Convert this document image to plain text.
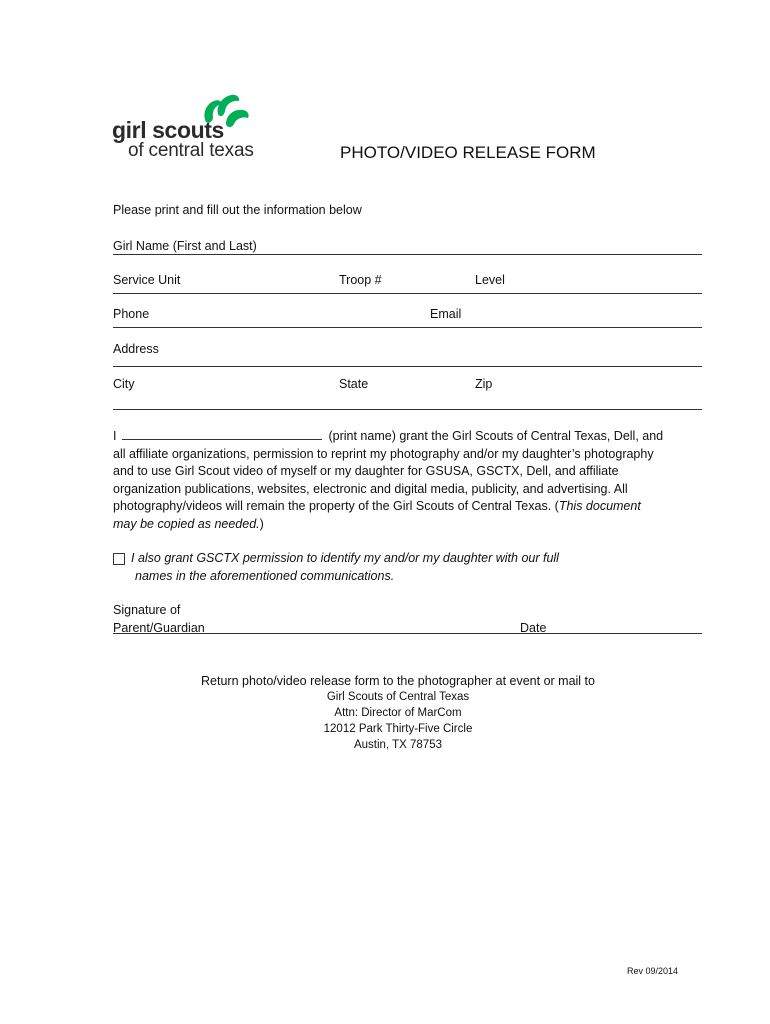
girl scouts
of central texas	PHOTO/VIDEO RELEASE FORM
Please print and fill out the information below
Girl Name (First and Last)
Service Unit	Troop #	Level
Phone	Email
Address
City	State	Zip
I	(print name) grant the Girl Scouts of Central Texas, Dell, and
all affiliate organizations, permission to reprint my photography and/or my daughter’s photography
and to use Girl Scout video of myself or my daughter for GSUSA, GSCTX, Dell, and affiliate
organization publications, websites, electronic and digital media, publicity, and advertising. All
photography/videos will remain the property of the Girl Scouts of Central Texas. (This document
may be copied as needed.)
I also grant GSCTX permission to identify my and/or my daughter with our full
names in the aforementioned communications.
Signature of
Parent/Guardian	Date
Return photo/video release form to the photographer at event or mail to
Girl Scouts of Central Texas
Attn: Director of MarCom
12012 Park Thirty-Five Circle
Austin, TX 78753
Rev 09/2014
